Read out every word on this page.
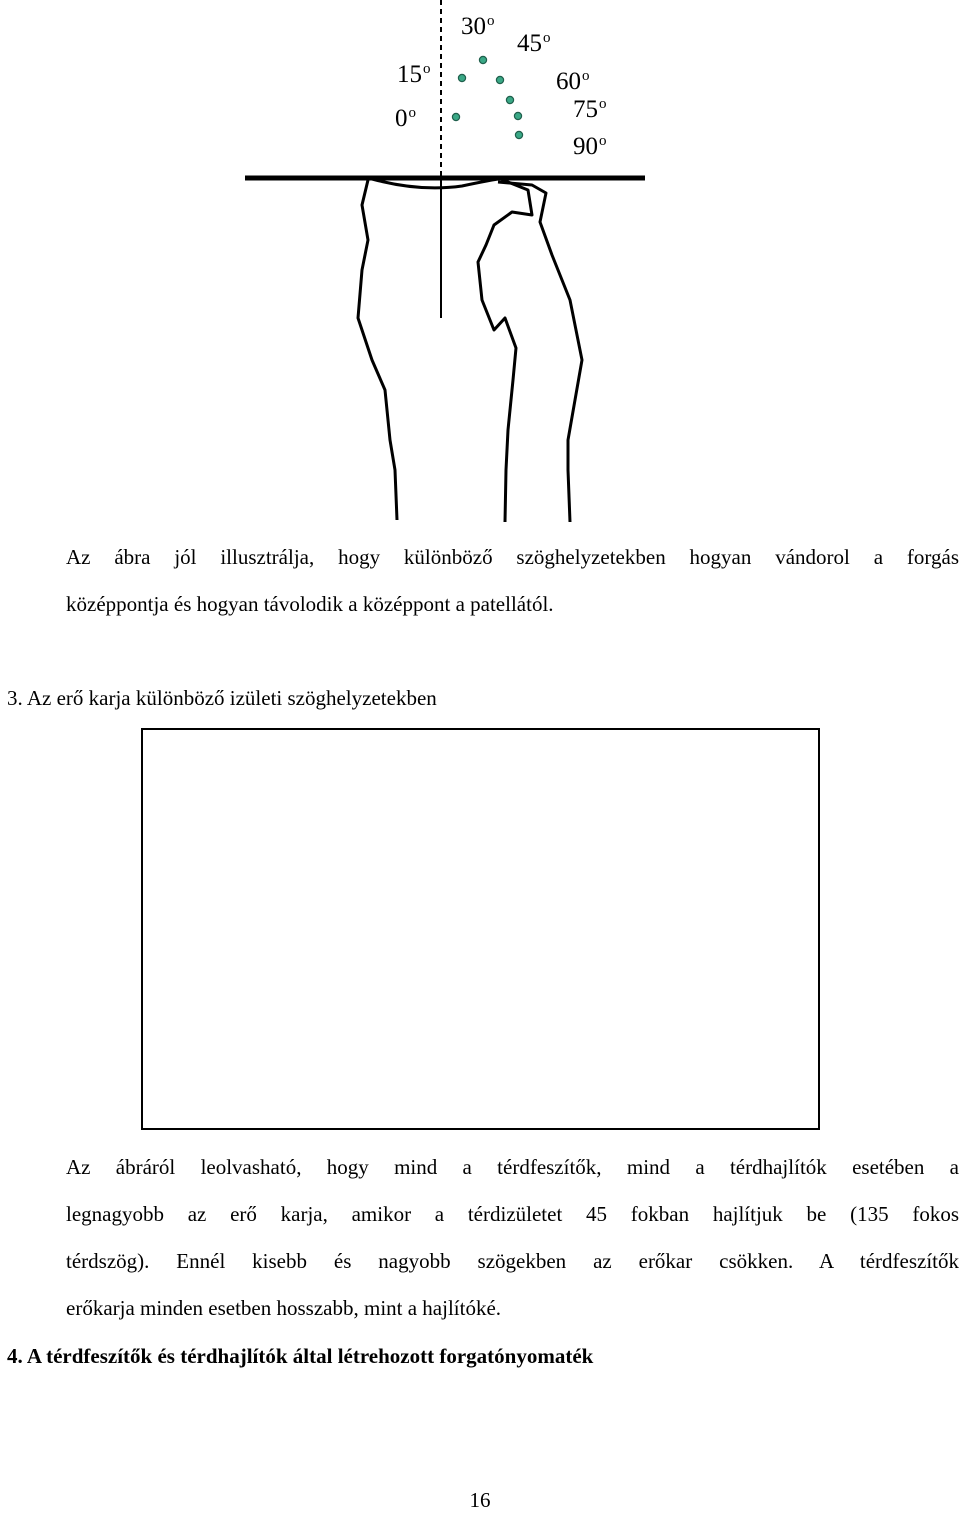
0$^o$
15$^o$
30$^o$
45$^o$
60$^o$
75$^o$
90$^o$
Az ábra jól illusztrálja, hogy különböző szöghelyzetekben hogyan vándorol a forgás
középpontja és hogyan távolodik a középpont a patellától.
3. Az erő karja különböző izületi szöghelyzetekben
Az ábráról leolvasható, hogy mind a térdfeszítők, mind a térdhajlítók esetében a
legnagyobb az erő karja, amikor a térdizületet 45 fokban hajlítjuk be (135 fokos
térdszög). Ennél kisebb és nagyobb szögekben az erőkar csökken. A térdfeszítők
erőkarja minden esetben hosszabb, mint a hajlítóké.
4. A térdfeszítők és térdhajlítók által létrehozott forgatónyomaték
16
